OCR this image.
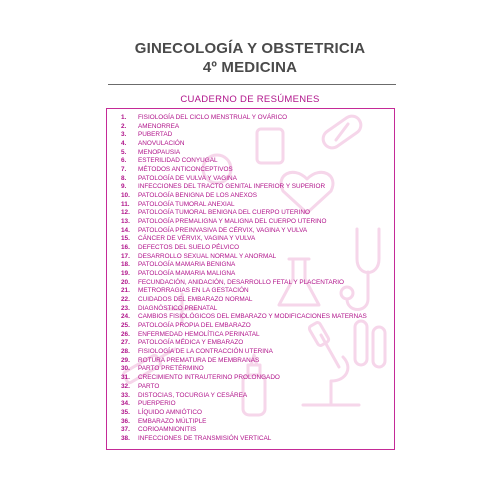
GINECOLOGÍA Y OBSTETRICIA
4º MEDICINA
CUADERNO DE RESÚMENES
1.	FISIOLOGÍA DEL CICLO MENSTRUAL Y OVÁRICO
2.	AMENORREA
3.	PUBERTAD
4.	ANOVULACIÓN
5.	MENOPAUSIA
6.	ESTERILIDAD CONYUGAL
7.	MÉTODOS ANTICONCEPTIVOS
8.	PATOLOGÍA DE VULVA Y VAGINA
9.	INFECCIONES DEL TRACTO GENITAL INFERIOR Y SUPERIOR
10.	PATOLOGÍA BENIGNA DE LOS ANEXOS
11.	PATOLOGÍA TUMORAL ANEXIAL
12.	PATOLOGÍA TUMORAL BENIGNA DEL CUERPO UTERINO
13.	PATOLOGÍA PREMALIGNA Y MALIGNA DEL CUERPO UTERINO
14.	PATOLOGÍA PREINVASIVA DE CÉRVIX, VAGINA Y VULVA
15.	CÁNCER DE VÉRVIX, VAGINA Y VULVA
16.	DEFECTOS DEL SUELO PÉLVICO
17.	DESARROLLO SEXUAL NORMAL Y ANORMAL
18.	PATOLOGÍA MAMARIA BENIGNA
19.	PATOLOGÍA MAMARIA MALIGNA
20.	FECUNDACIÓN, ANIDACIÓN, DESARROLLO FETAL Y PLACENTARIO
21.	METRORRAGIAS EN LA GESTACIÓN
22.	CUIDADOS DEL EMBARAZO NORMAL
23.	DIAGNÓSTICO PRENATAL
24.	CAMBIOS FISIOLÓGICOS DEL EMBARAZO Y MODIFICACIONES MATERNAS
25.	PATOLOGÍA PROPIA DEL EMBARAZO
26.	ENFERMEDAD HEMOLÍTICA PERINATAL
27.	PATOLOGÍA MÉDICA Y EMBARAZO
28.	FISIOLOGÍA DE LA CONTRACCIÓN UTERINA
29.	ROTURA PREMATURA DE MEMBRANAS
30.	PARTO PRETÉRMINO
31.	CRECIMIENTO INTRAUTERINO PROLONGADO
32.	PARTO
33.	DISTOCIAS, TOCURGIA Y CESÁREA
34.	PUERPERIO
35.	LÍQUIDO AMNIÓTICO
36.	EMBARAZO MÚLTIPLE
37.	CORIOAMNIONITIS
38.	INFECCIONES DE TRANSMISIÓN VERTICAL
